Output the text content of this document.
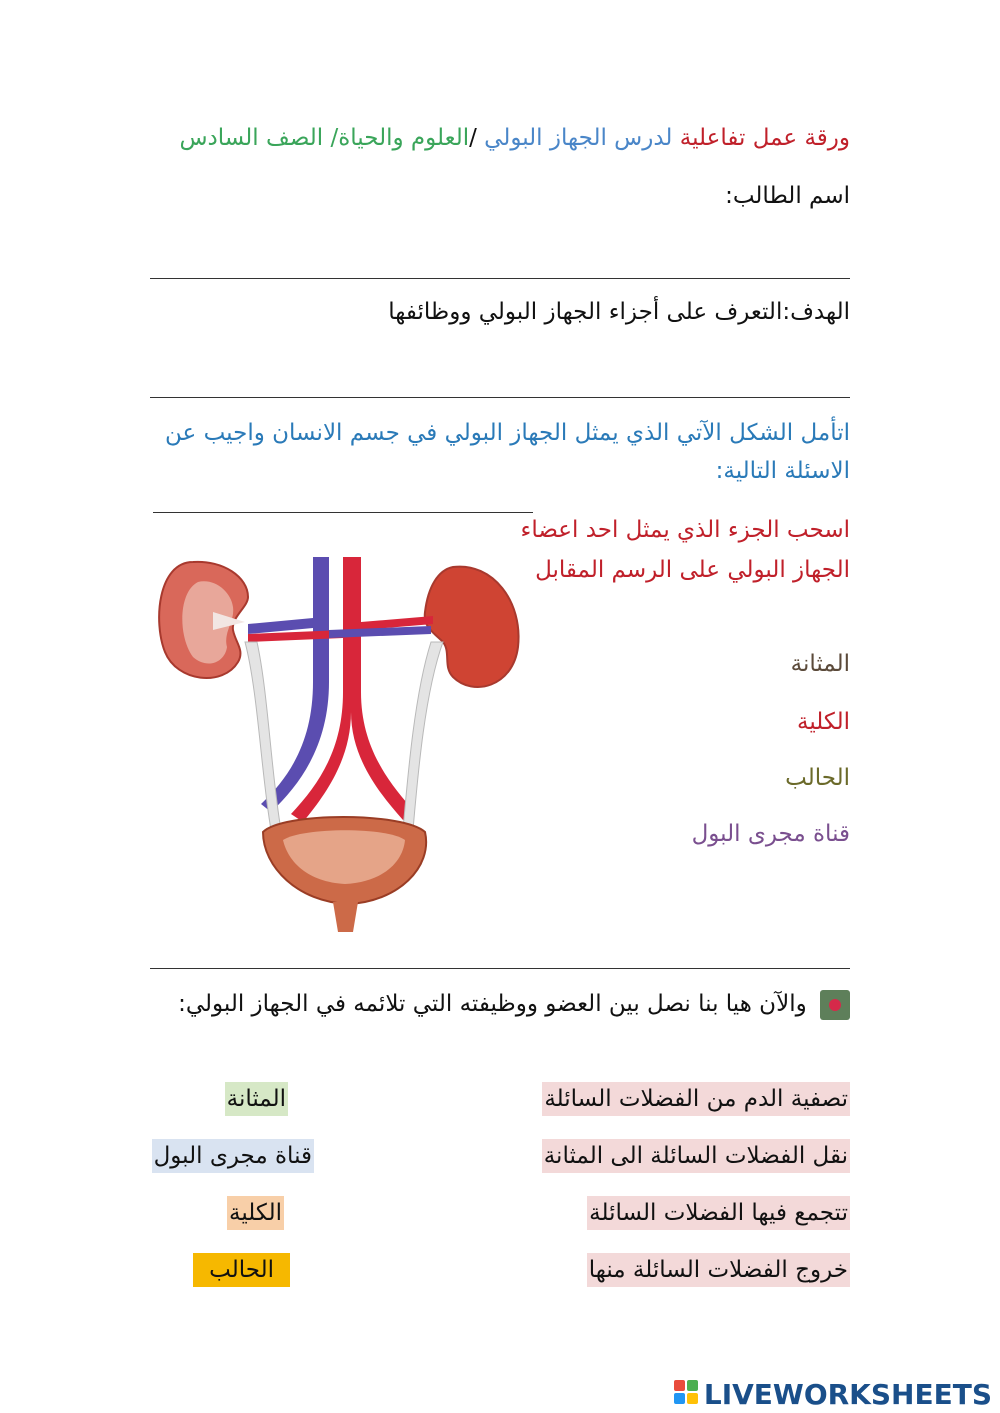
ورقة عمل تفاعلية لدرس الجهاز البولي /العلوم والحياة/ الصف السادس
اسم الطالب:
الهدف:التعرف على أجزاء الجهاز البولي ووظائفها
اتأمل الشكل الآتي الذي يمثل الجهاز البولي في جسم الانسان واجيب عن الاسئلة التالية:
اسحب الجزء الذي يمثل احد اعضاء الجهاز البولي على الرسم المقابل
المثانة
الكلية
الحالب
قناة مجرى البول
والآن هيا بنا نصل بين العضو ووظيفته التي تلائمه في الجهاز البولي:
تصفية الدم من الفضلات السائلة
نقل الفضلات السائلة الى المثانة
تتجمع فيها الفضلات السائلة
خروج الفضلات السائلة منها
المثانة
قناة مجرى البول
الكلية
الحالب
LIVEWORKSHEETS
